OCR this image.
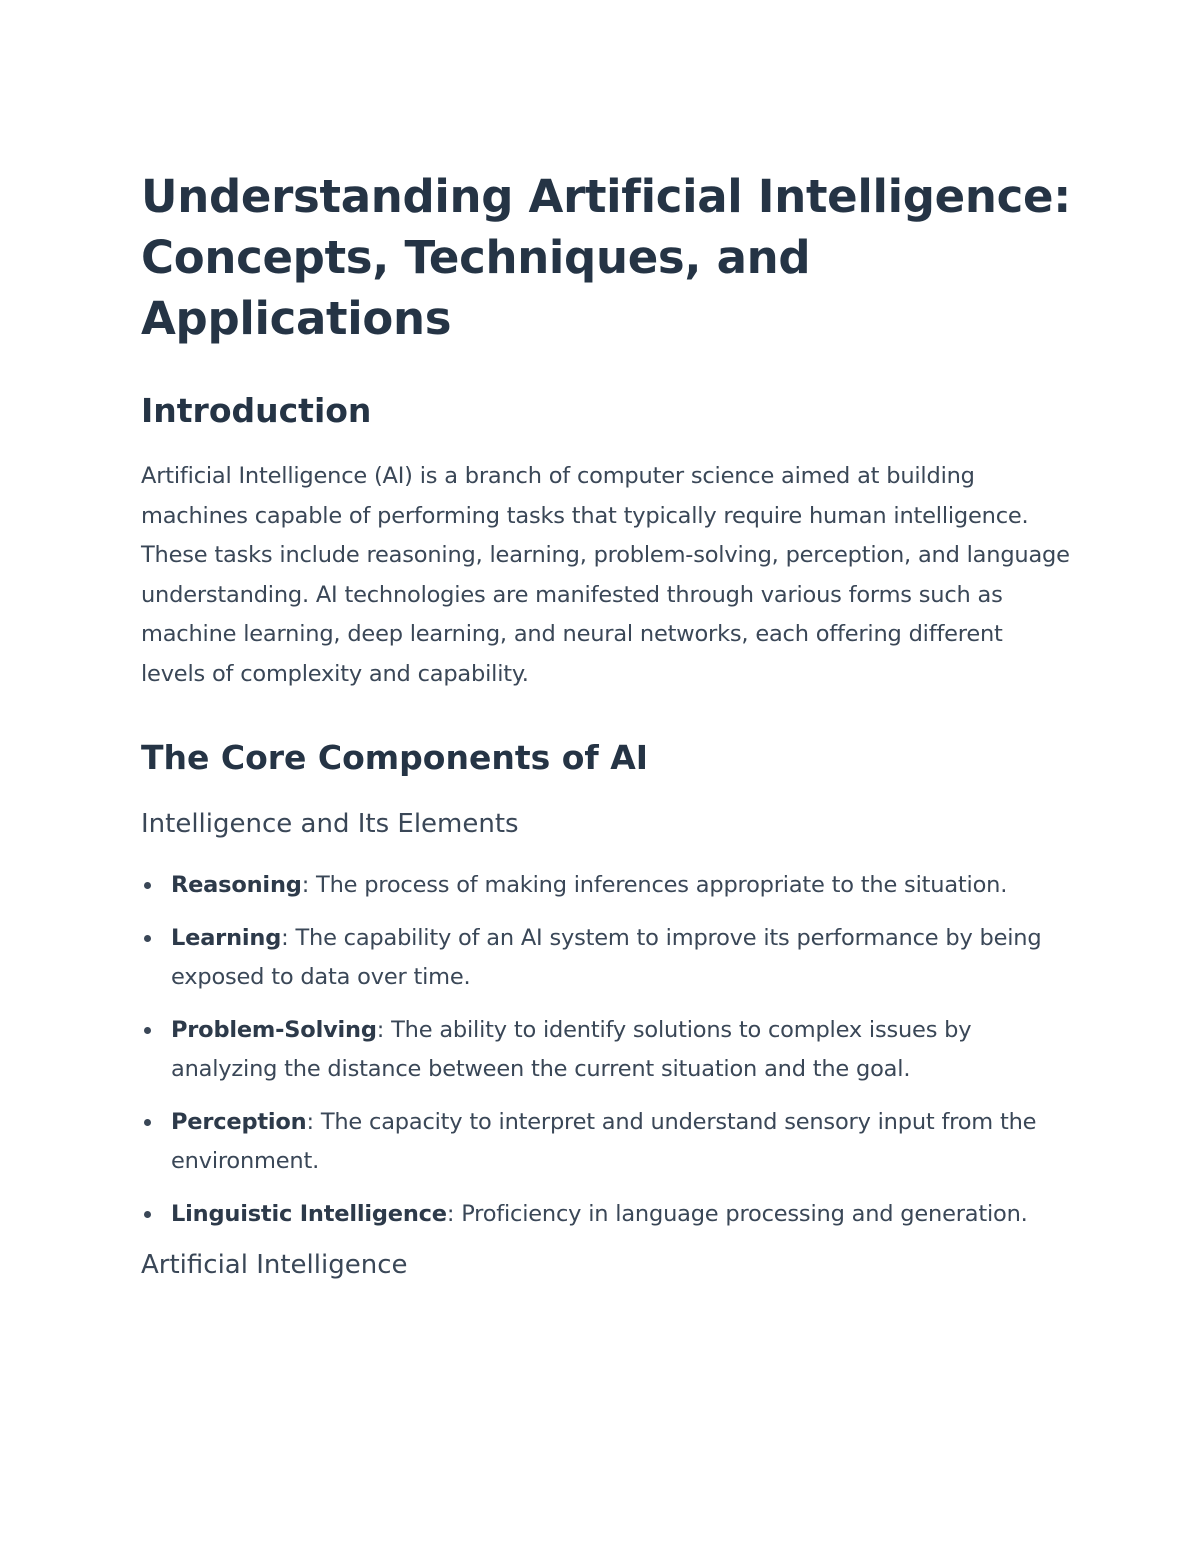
Understanding Artificial Intelligence: Concepts, Techniques, and Applications
Introduction

Artificial Intelligence (AI) is a branch of computer science aimed at building machines capable of performing tasks that typically require human intelligence. These tasks include reasoning, learning, problem-solving, perception, and language understanding. AI technologies are manifested through various forms such as machine learning, deep learning, and neural networks, each offering different levels of complexity and capability.

The Core Components of AI
Intelligence and Its Elements
Reasoning: The process of making inferences appropriate to the situation.
Learning: The capability of an AI system to improve its performance by being exposed to data over time.
Problem-Solving: The ability to identify solutions to complex issues by analyzing the distance between the current situation and the goal.
Perception: The capacity to interpret and understand sensory input from the environment.
Linguistic Intelligence: Proficiency in language processing and generation.
Artificial Intelligence
